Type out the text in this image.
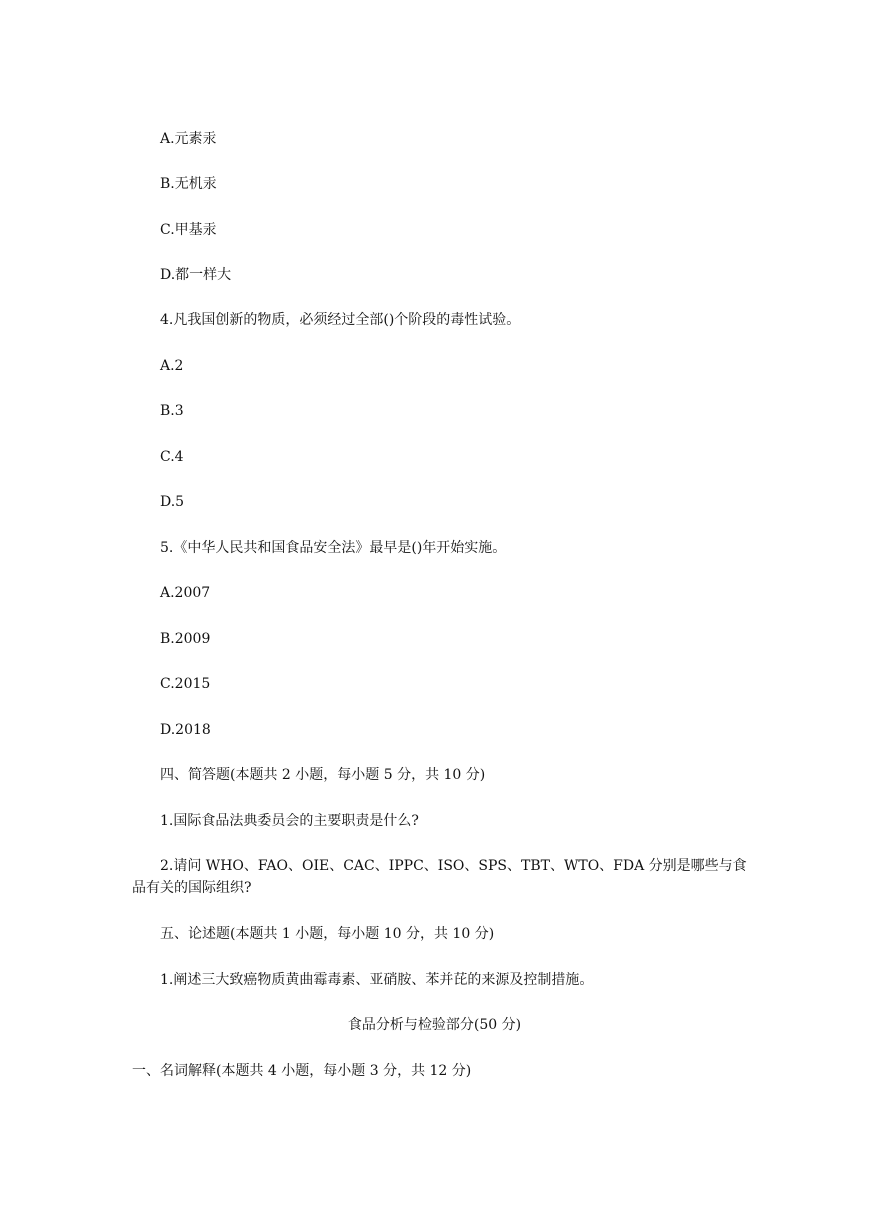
A.元素汞
B.无机汞
C.甲基汞
D.都一样大
4.凡我国创新的物质，必须经过全部()个阶段的毒性试验。
A.2
B.3
C.4
D.5
5.《中华人民共和国食品安全法》最早是()年开始实施。
A.2007
B.2009
C.2015
D.2018
四、简答题(本题共 2 小题，每小题 5 分，共 10 分)
1.国际食品法典委员会的主要职责是什么?
2.请问 WHO、FAO、OIE、CAC、IPPC、ISO、SPS、TBT、WTO、FDA 分别是哪些与食品有关的国际组织?
五、论述题(本题共 1 小题，每小题 10 分，共 10 分)
1.阐述三大致癌物质黄曲霉毒素、亚硝胺、苯并芘的来源及控制措施。
食品分析与检验部分(50 分)
一、名词解释(本题共 4 小题，每小题 3 分，共 12 分)
